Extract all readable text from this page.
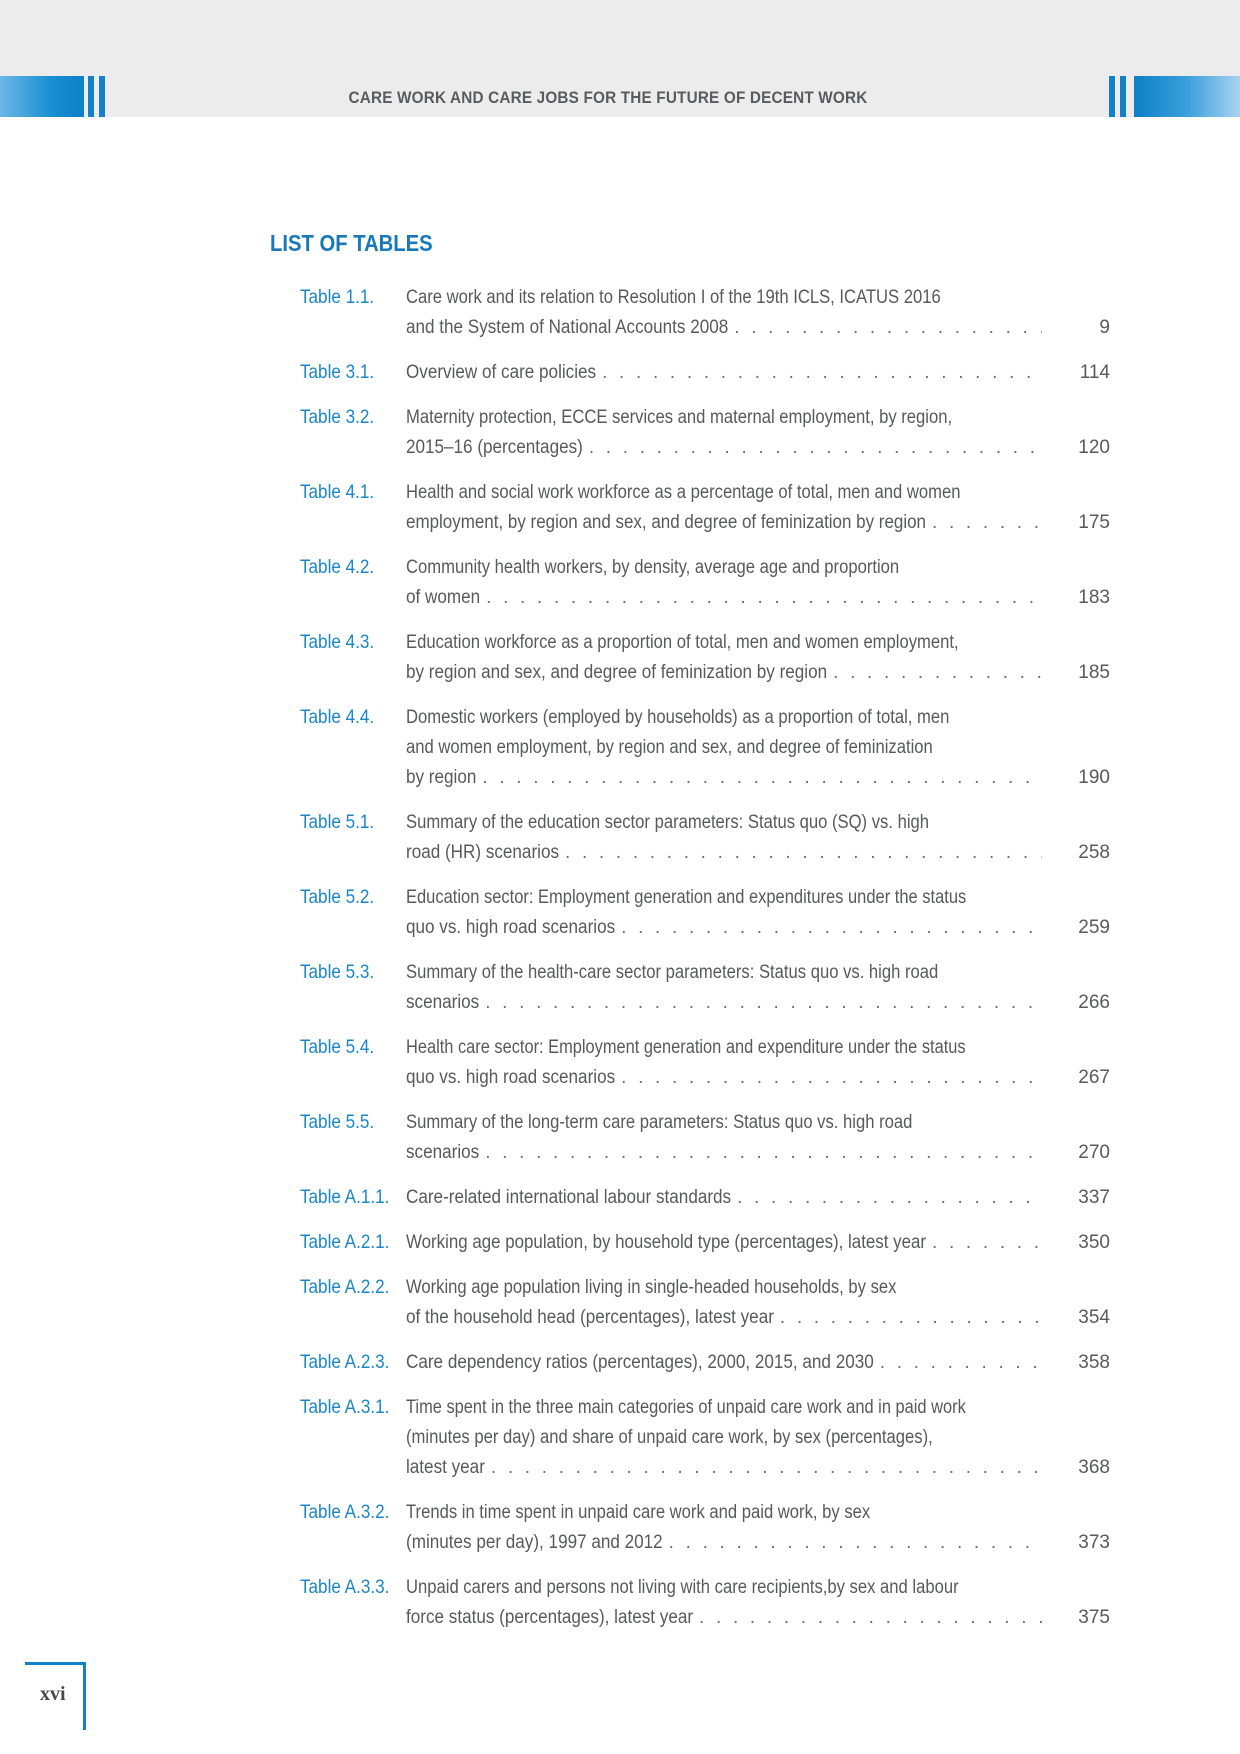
CARE WORK AND CARE JOBS FOR THE FUTURE OF DECENT WORK
LIST OF TABLES
Table 1.1.	Care work and its relation to Resolution I of the 19th ICLS, ICATUS 2016
and the System of National Accounts 2008 . . .	9
Table 3.1.	Overview of care policies . . .	114
Table 3.2.	Maternity protection, ECCE services and maternal employment, by region,
2015–16 (percentages) . . .	120
Table 4.1.	Health and social work workforce as a percentage of total, men and women
employment, by region and sex, and degree of feminization by region . . .	175
Table 4.2.	Community health workers, by density, average age and proportion
of women . . .	183
Table 4.3.	Education workforce as a proportion of total, men and women employment,
by region and sex, and degree of feminization by region . . .	185
Table 4.4.	Domestic workers (employed by households) as a proportion of total, men
and women employment, by region and sex, and degree of feminization
by region . . .	190
Table 5.1.	Summary of the education sector parameters: Status quo (SQ) vs. high
road (HR) scenarios . . .	258
Table 5.2.	Education sector: Employment generation and expenditures under the status
quo vs. high road scenarios . . .	259
Table 5.3.	Summary of the health-care sector parameters: Status quo vs. high road
scenarios . . .	266
Table 5.4.	Health care sector: Employment generation and expenditure under the status
quo vs. high road scenarios . . .	267
Table 5.5.	Summary of the long-term care parameters: Status quo vs. high road
scenarios . . .	270
Table A.1.1. Care-related international labour standards . . .	337
Table A.2.1. Working age population, by household type (percentages), latest year . . .	350
Table A.2.2. Working age population living in single-headed households, by sex
of the household head (percentages), latest year . . .	354
Table A.2.3. Care dependency ratios (percentages), 2000, 2015, and 2030 . . .	358
Table A.3.1. Time spent in the three main categories of unpaid care work and in paid work
(minutes per day) and share of unpaid care work, by sex (percentages),
latest year . . .	368
Table A.3.2. Trends in time spent in unpaid care work and paid work, by sex
(minutes per day), 1997 and 2012 . . .	373
Table A.3.3. Unpaid carers and persons not living with care recipients,by sex and labour
force status (percentages), latest year . . .	375
xvi
